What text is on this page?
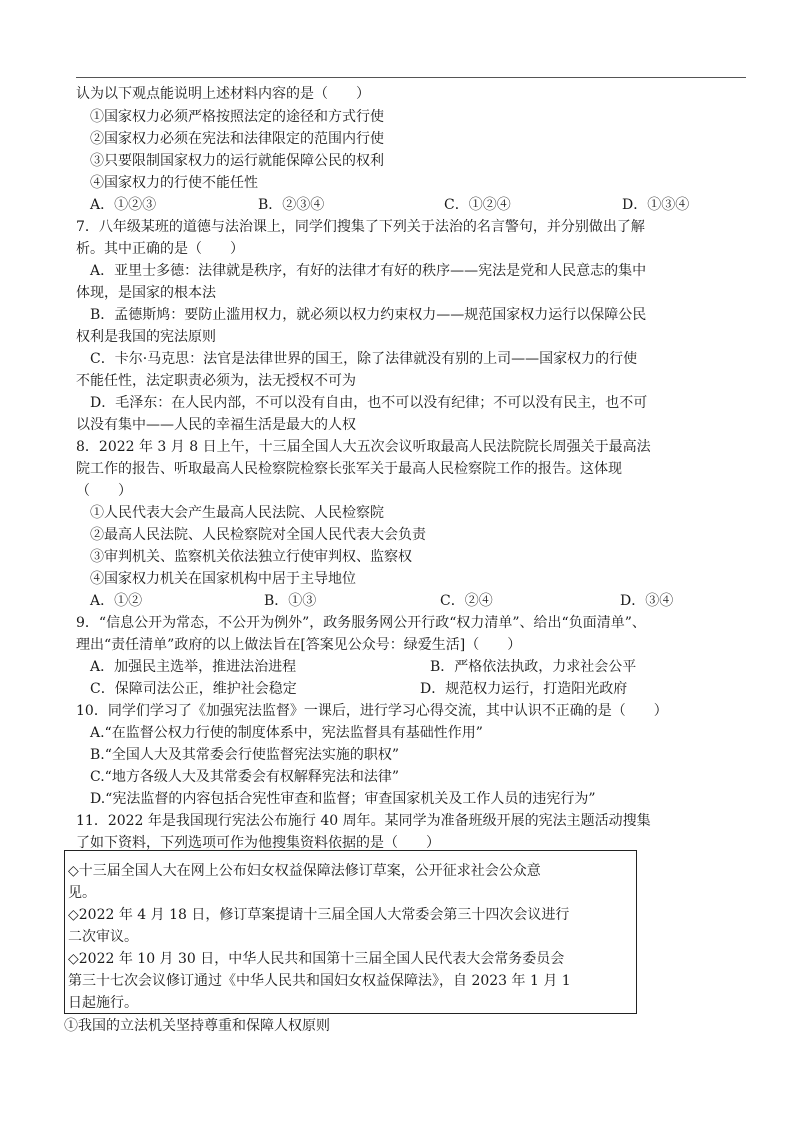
认为以下观点能说明上述材料内容的是（　　）
①国家权力必须严格按照法定的途径和方式行使
②国家权力必须在宪法和法律限定的范围内行使
③只要限制国家权力的运行就能保障公民的权利
④国家权力的行使不能任性
A．①②③	B．②③④	C．①②④	D．①③④
7．八年级某班的道德与法治课上，同学们搜集了下列关于法治的名言警句，并分别做出了解
析。其中正确的是（　　）
A．亚里士多德：法律就是秩序，有好的法律才有好的秩序——宪法是党和人民意志的集中
体现，是国家的根本法
B．孟德斯鸠：要防止滥用权力，就必须以权力约束权力——规范国家权力运行以保障公民
权利是我国的宪法原则
C．卡尔·马克思：法官是法律世界的国王，除了法律就没有别的上司——国家权力的行使
不能任性，法定职责必须为，法无授权不可为
D．毛泽东：在人民内部，不可以没有自由，也不可以没有纪律；不可以没有民主，也不可
以没有集中——人民的幸福生活是最大的人权
8．2022 年 3 月 8 日上午，十三届全国人大五次会议听取最高人民法院院长周强关于最高法
院工作的报告、听取最高人民检察院检察长张军关于最高人民检察院工作的报告。这体现
（　　）
①人民代表大会产生最高人民法院、人民检察院
②最高人民法院、人民检察院对全国人民代表大会负责
③审判机关、监察机关依法独立行使审判权、监察权
④国家权力机关在国家机构中居于主导地位
A．①②	B．①③	C．②④	D．③④
9．“信息公开为常态，不公开为例外”，政务服务网公开行政“权力清单”、给出“负面清单”、
理出“责任清单”政府的以上做法旨在[答案见公众号：绿爱生活]（　　）
A．加强民主选举，推进法治进程	B．严格依法执政，力求社会公平
C．保障司法公正，维护社会稳定	D．规范权力运行，打造阳光政府
10．同学们学习了《加强宪法监督》一课后，进行学习心得交流，其中认识不正确的是（　　）
A.“在监督公权力行使的制度体系中，宪法监督具有基础性作用”
B.“全国人大及其常委会行使监督宪法实施的职权”
C.“地方各级人大及其常委会有权解释宪法和法律”
D.“宪法监督的内容包括合宪性审查和监督；审查国家机关及工作人员的违宪行为”
11．2022 年是我国现行宪法公布施行 40 周年。某同学为准备班级开展的宪法主题活动搜集
了如下资料，下列选项可作为他搜集资料依据的是（　　）
◇十三届全国人大在网上公布妇女权益保障法修订草案，公开征求社会公众意
见。
◇2022 年 4 月 18 日，修订草案提请十三届全国人大常委会第三十四次会议进行
二次审议。
◇2022 年 10 月 30 日，中华人民共和国第十三届全国人民代表大会常务委员会
第三十七次会议修订通过《中华人民共和国妇女权益保障法》，自 2023 年 1 月 1
日起施行。
①我国的立法机关坚持尊重和保障人权原则
